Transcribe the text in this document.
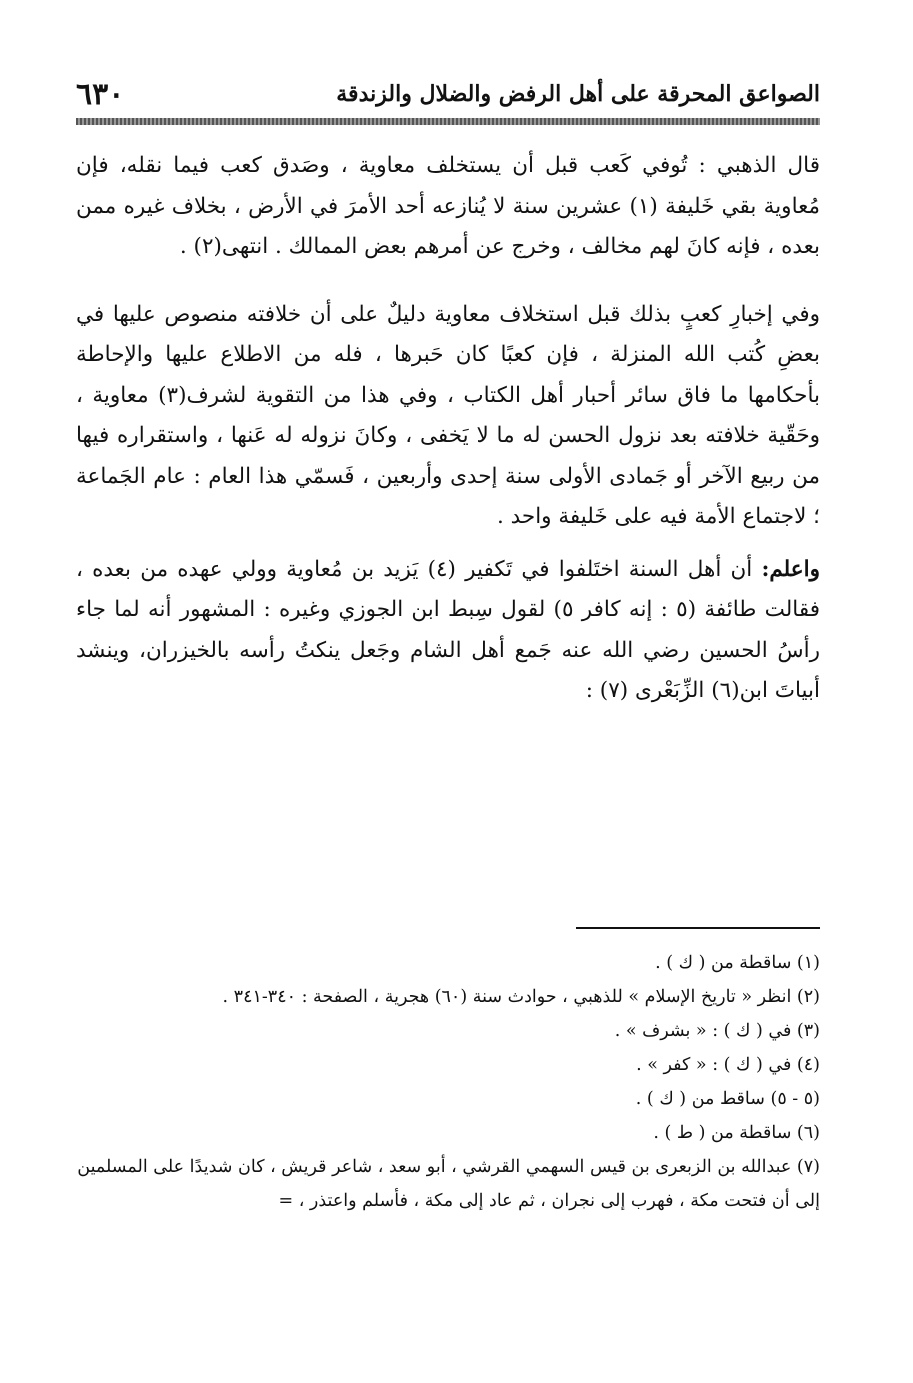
الصواعق المحرقة على أهل الرفض والضلال والزندقة
٦٣٠

قال الذهبي : تُوفي كَعب قبل أن يستخلف معاوية ، وصَدق كعب فيما نقله، فإن مُعاوية بقي خَليفة (١) عشرين سنة لا يُنازعه أحد الأمرَ في الأرض ، بخلاف غيره ممن بعده ، فإنه كانَ لهم مخالف ، وخرج عن أمرهم بعض الممالك . انتهى(٢) .

وفي إخبارِ كعبٍ بذلك قبل استخلاف معاوية دليلٌ على أن خلافته منصوص عليها في بعضِ كُتب الله المنزلة ، فإن كعبًا كان حَبرها ، فله من الاطلاع عليها والإحاطة بأحكامها ما فاق سائر أحبار أهل الكتاب ، وفي هذا من التقوية لشرف(٣) معاوية ، وحَقّية خلافته بعد نزول الحسن له ما لا يَخفى ، وكانَ نزوله له عَنها ، واستقراره فيها من ربيع الآخر أو جَمادى الأولى سنة إحدى وأربعين ، فَسمّي هذا العام : عام الجَماعة ؛ لاجتماع الأمة فيه على خَليفة واحد .

واعلم: أن أهل السنة اختَلفوا في تَكفير (٤) يَزيد بن مُعاوية وولي عهده من بعده ، فقالت طائفة (٥ : إنه كافر ٥) لقول سِبط ابن الجوزي وغيره : المشهور أنه لما جاء رأسُ الحسين رضي الله عنه جَمع أهل الشام وجَعل ينكتُ رأسه بالخيزران، وينشد أبياتَ ابن(٦) الزِّبَعْرى (٧) :

(١) ساقطة من ( ك ) .

(٢) انظر « تاريخ الإسلام » للذهبي ، حوادث سنة (٦٠) هجرية ، الصفحة : ٣٤٠-٣٤١ .

(٣) في ( ك ) : « بشرف » .

(٤) في ( ك ) : « كفر » .

(٥ - ٥) ساقط من ( ك ) .

(٦) ساقطة من ( ط ) .

(٧) عبدالله بن الزبعرى بن قيس السهمي القرشي ، أبو سعد ، شاعر قريش ، كان شديدًا على المسلمين إلى أن فتحت مكة ، فهرب إلى نجران ، ثم عاد إلى مكة ، فأسلم واعتذر ، =
